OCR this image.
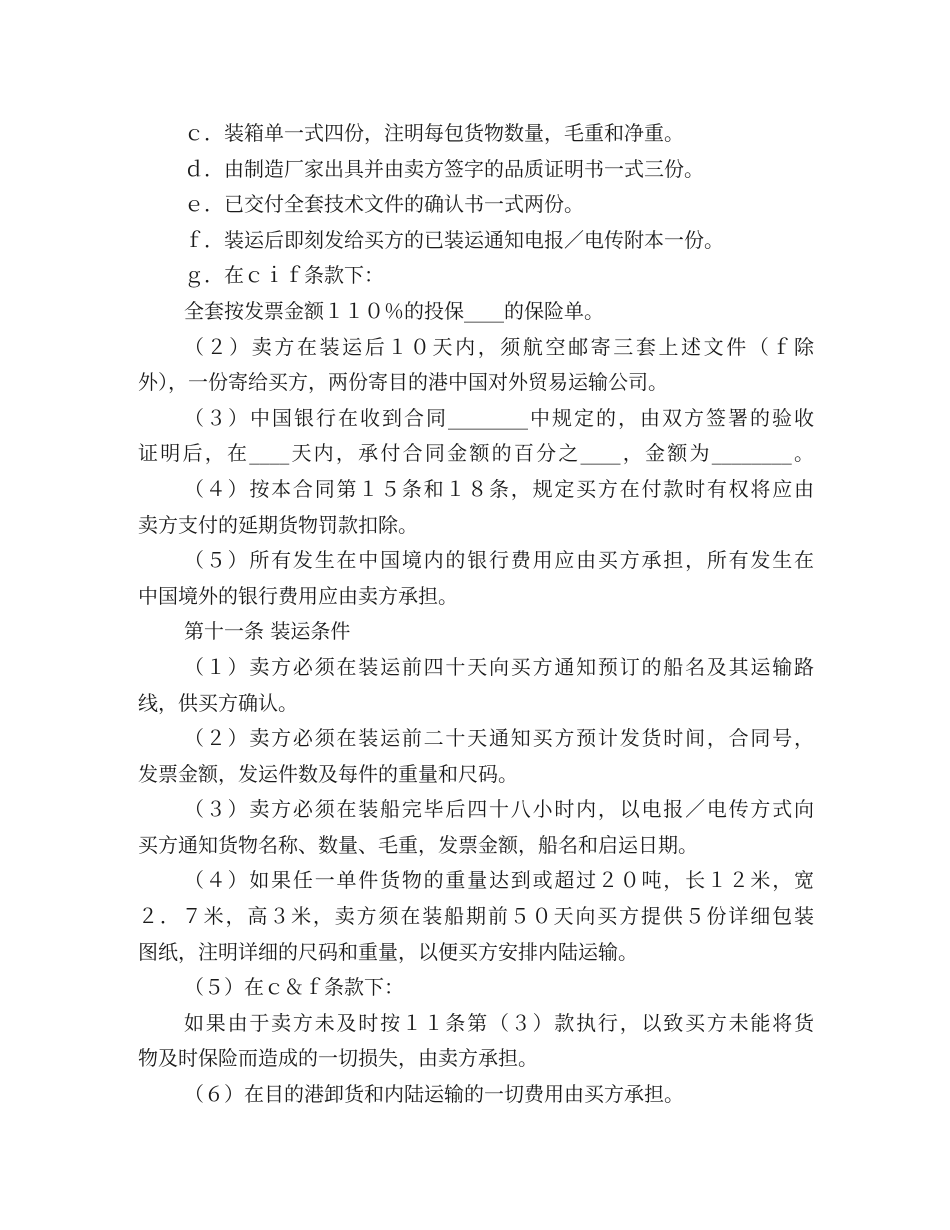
ｃ．装箱单一式四份，注明每包货物数量，毛重和净重。
ｄ．由制造厂家出具并由卖方签字的品质证明书一式三份。
ｅ．已交付全套技术文件的确认书一式两份。
ｆ．装运后即刻发给买方的已装运通知电报／电传附本一份。
ｇ．在ｃｉｆ条款下：
全套按发票金额１１０％的投保____的保险单。
（２）卖方在装运后１０天内，须航空邮寄三套上述文件（ｆ除
外），一份寄给买方，两份寄目的港中国对外贸易运输公司。
（３）中国银行在收到合同________中规定的，由双方签署的验收
证明后，在____天内，承付合同金额的百分之____，金额为________。
（４）按本合同第１５条和１８条，规定买方在付款时有权将应由
卖方支付的延期货物罚款扣除。
（５）所有发生在中国境内的银行费用应由买方承担，所有发生在
中国境外的银行费用应由卖方承担。
第十一条 装运条件
（１）卖方必须在装运前四十天向买方通知预订的船名及其运输路
线，供买方确认。
（２）卖方必须在装运前二十天通知买方预计发货时间，合同号，
发票金额，发运件数及每件的重量和尺码。
（３）卖方必须在装船完毕后四十八小时内，以电报／电传方式向
买方通知货物名称、数量、毛重，发票金额，船名和启运日期。
（４）如果任一单件货物的重量达到或超过２０吨，长１２米，宽
２．７米，高３米，卖方须在装船期前５０天向买方提供５份详细包装
图纸，注明详细的尺码和重量，以便买方安排内陆运输。
（５）在ｃ＆ｆ条款下：
如果由于卖方未及时按１１条第（３）款执行，以致买方未能将货
物及时保险而造成的一切损失，由卖方承担。
（６）在目的港卸货和内陆运输的一切费用由买方承担。
